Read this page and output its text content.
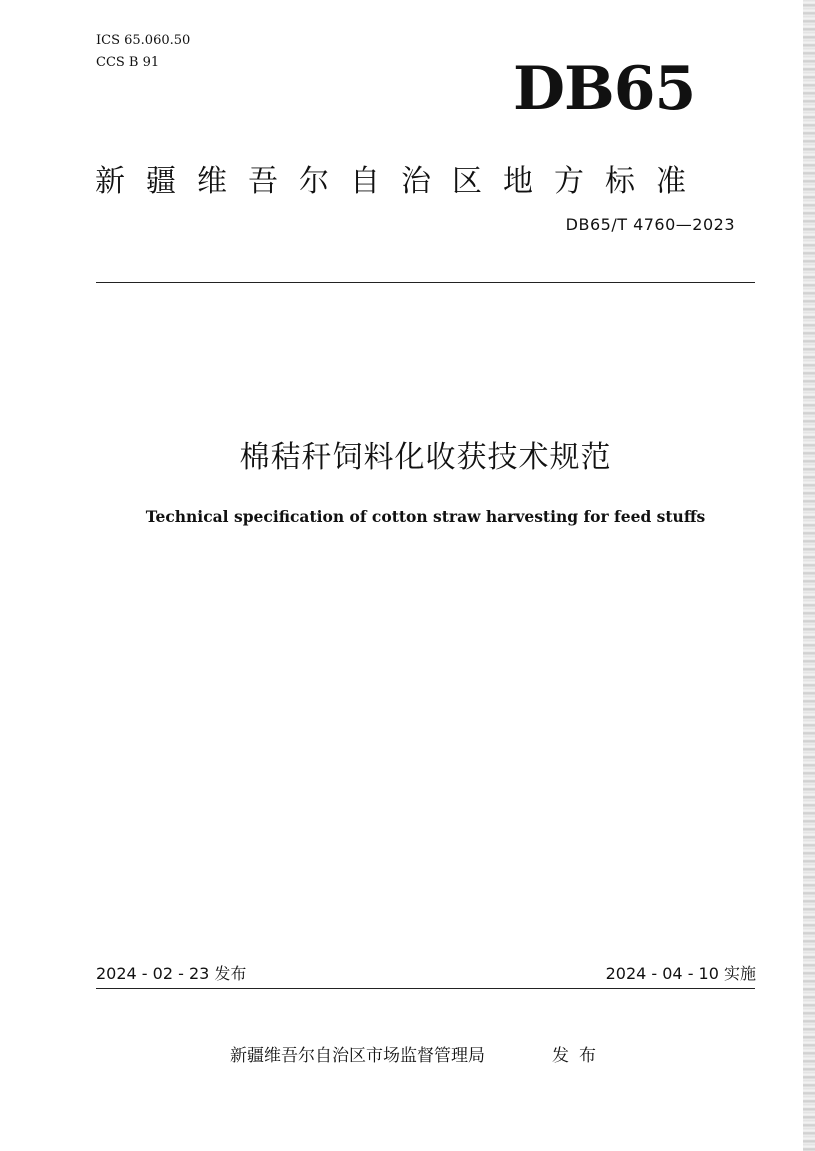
ICS 65.060.50
CCS B 91	DB65
新疆维吾尔自治区地方标准
DB65/T 4760—2023
棉秸秆饲料化收获技术规范
Technical specification of cotton straw harvesting for feed stuffs
2024 - 02 - 23 发布	2024 - 04 - 10 实施
新疆维吾尔自治区市场监督管理局	发布
